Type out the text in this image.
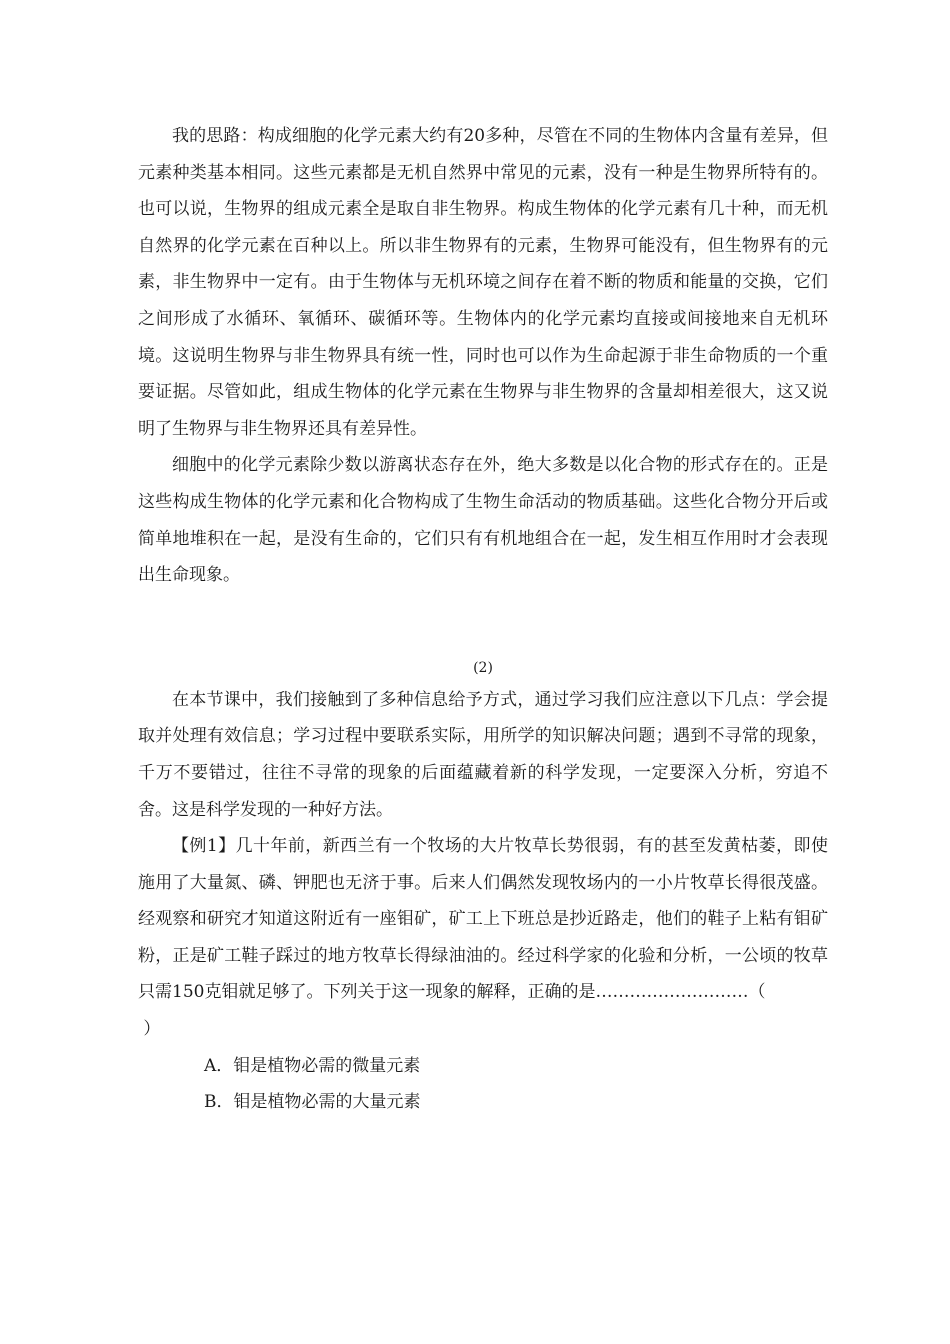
我的思路：构成细胞的化学元素大约有20多种，尽管在不同的生物体内含量有差异，但元素种类基本相同。这些元素都是无机自然界中常见的元素，没有一种是生物界所特有的。也可以说，生物界的组成元素全是取自非生物界。构成生物体的化学元素有几十种，而无机自然界的化学元素在百种以上。所以非生物界有的元素，生物界可能没有，但生物界有的元素，非生物界中一定有。由于生物体与无机环境之间存在着不断的物质和能量的交换，它们之间形成了水循环、氧循环、碳循环等。生物体内的化学元素均直接或间接地来自无机环境。这说明生物界与非生物界具有统一性，同时也可以作为生命起源于非生命物质的一个重要证据。尽管如此，组成生物体的化学元素在生物界与非生物界的含量却相差很大，这又说明了生物界与非生物界还具有差异性。

细胞中的化学元素除少数以游离状态存在外，绝大多数是以化合物的形式存在的。正是这些构成生物体的化学元素和化合物构成了生物生命活动的物质基础。这些化合物分开后或简单地堆积在一起，是没有生命的，它们只有有机地组合在一起，发生相互作用时才会表现出生命现象。

(2)

在本节课中，我们接触到了多种信息给予方式，通过学习我们应注意以下几点：学会提取并处理有效信息；学习过程中要联系实际，用所学的知识解决问题；遇到不寻常的现象，千万不要错过，往往不寻常的现象的后面蕴藏着新的科学发现，一定要深入分析，穷追不舍。这是科学发现的一种好方法。

【例1】几十年前，新西兰有一个牧场的大片牧草长势很弱，有的甚至发黄枯萎，即使施用了大量氮、磷、钾肥也无济于事。后来人们偶然发现牧场内的一小片牧草长得很茂盛。经观察和研究才知道这附近有一座钼矿，矿工上下班总是抄近路走，他们的鞋子上粘有钼矿粉，正是矿工鞋子踩过的地方牧草长得绿油油的。经过科学家的化验和分析，一公顷的牧草只需150克钼就足够了。下列关于这一现象的解释，正确的是………………………（

）

A．钼是植物必需的微量元素

B．钼是植物必需的大量元素
